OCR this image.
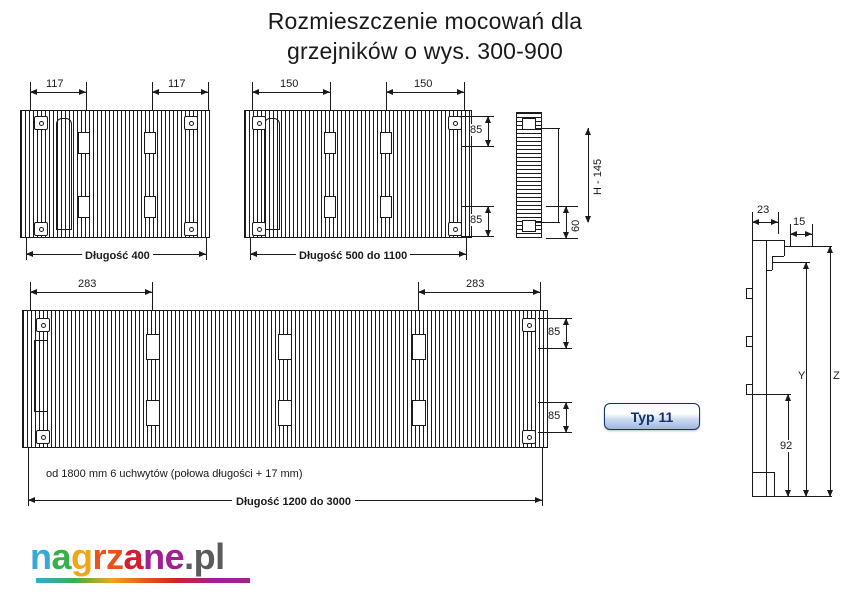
Rozmieszczenie mocowań dla
grzejników o wys. 300-900
117	117
Długość 400
150	150
85
85
Długość 500 do 1100
H - 145
60
283	283
85
85
od 1800 mm 6 uchwytów (połowa długości + 17 mm)
Długość 1200 do 3000
Typ 11
23
15
Z
Y
92
nagrzane.pl
